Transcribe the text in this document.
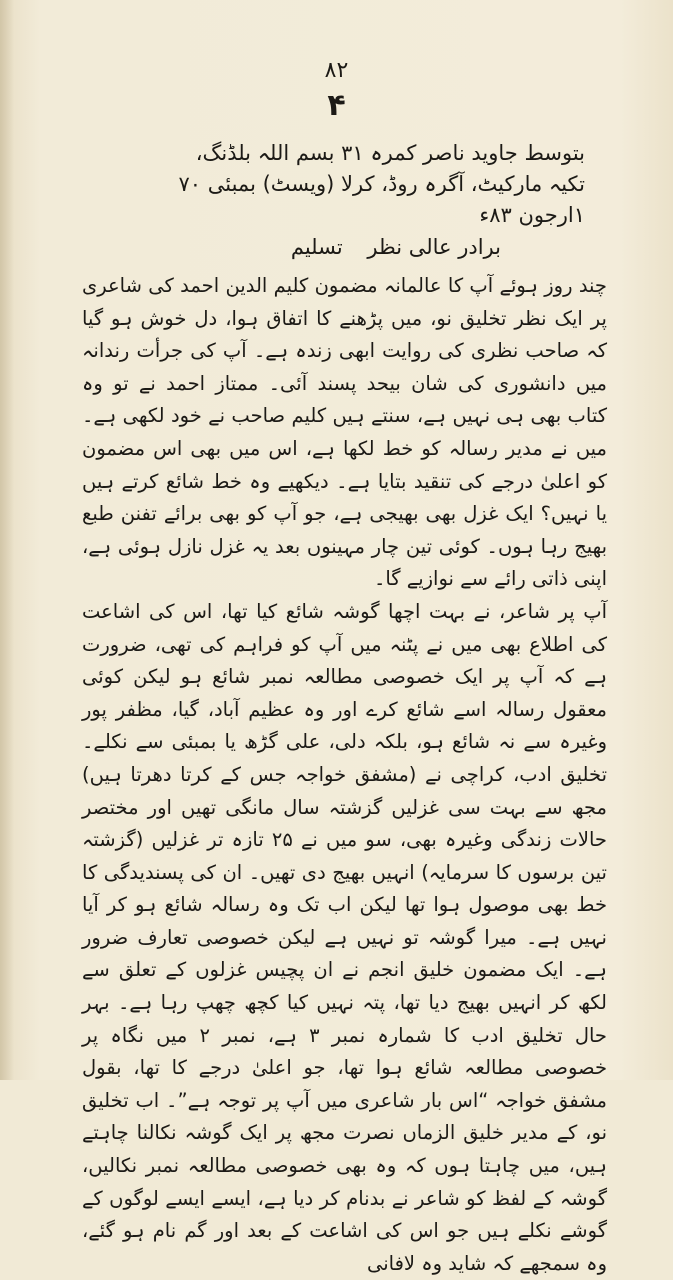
٨٢
۴
بتوسط جاوید ناصر کمرہ ۳۱ بسم اللہ بلڈنگ،
تکیہ مارکیٹ، آگرہ روڈ، کرلا (ویسٹ) بمبئی ۷۰
۱ارجون ۸۳ء
برادر عالی نظر تسلیم

چند روز ہوئے آپ کا عالمانہ مضمون کلیم الدین احمد کی شاعری پر ایک نظر تخلیق نو، میں پڑھنے کا اتفاق ہوا، دل خوش ہو گیا کہ صاحب نظری کی روایت ابھی زندہ ہے۔ آپ کی جرأت رندانہ میں دانشوری کی شان بیحد پسند آئی۔ ممتاز احمد نے تو وہ کتاب بھی ہی نہیں ہے، سنتے ہیں کلیم صاحب نے خود لکھی ہے۔ میں نے مدیر رسالہ کو خط لکھا ہے، اس میں بھی اس مضمون کو اعلیٰ درجے کی تنقید بتایا ہے۔ دیکھیے وہ خط شائع کرتے ہیں یا نہیں؟ ایک غزل بھی بھیجی ہے، جو آپ کو بھی برائے تفنن طبع بھیج رہا ہوں۔ کوئی تین چار مہینوں بعد یہ غزل نازل ہوئی ہے، اپنی ذاتی رائے سے نوازیے گا۔

آپ پر شاعر، نے بہت اچھا گوشہ شائع کیا تھا، اس کی اشاعت کی اطلاع بھی میں نے پٹنہ میں آپ کو فراہم کی تھی، ضرورت ہے کہ آپ پر ایک خصوصی مطالعہ نمبر شائع ہو لیکن کوئی معقول رسالہ اسے شائع کرے اور وہ عظیم آباد، گیا، مظفر پور وغیرہ سے نہ شائع ہو، بلکہ دلی، علی گڑھ یا بمبئی سے نکلے۔ تخلیق ادب، کراچی نے (مشفق خواجہ جس کے کرتا دھرتا ہیں) مجھ سے بہت سی غزلیں گزشتہ سال مانگی تھیں اور مختصر حالات زندگی وغیرہ بھی، سو میں نے ۲۵ تازہ تر غزلیں (گزشتہ تین برسوں کا سرمایہ) انہیں بھیج دی تھیں۔ ان کی پسندیدگی کا خط بھی موصول ہوا تھا لیکن اب تک وہ رسالہ شائع ہو کر آیا نہیں ہے۔ میرا گوشہ تو نہیں ہے لیکن خصوصی تعارف ضرور ہے۔ ایک مضمون خلیق انجم نے ان پچیس غزلوں کے تعلق سے لکھ کر انہیں بھیج دیا تھا، پتہ نہیں کیا کچھ چھپ رہا ہے۔ بہر حال تخلیق ادب کا شمارہ نمبر ۳ ہے، نمبر ۲ میں نگاہ پر خصوصی مطالعہ شائع ہوا تھا، جو اعلیٰ درجے کا تھا، بقول مشفق خواجہ “اس بار شاعری میں آپ پر توجہ ہے”۔ اب تخلیق نو، کے مدیر خلیق الزماں نصرت مجھ پر ایک گوشہ نکالنا چاہتے ہیں، میں چاہتا ہوں کہ وہ بھی خصوصی مطالعہ نمبر نکالیں، گوشہ کے لفظ کو شاعر نے بدنام کر دیا ہے، ایسے ایسے لوگوں کے گوشے نکلے ہیں جو اس کی اشاعت کے بعد اور گم نام ہو گئے، وہ سمجھے کہ شاید وہ لافانی
